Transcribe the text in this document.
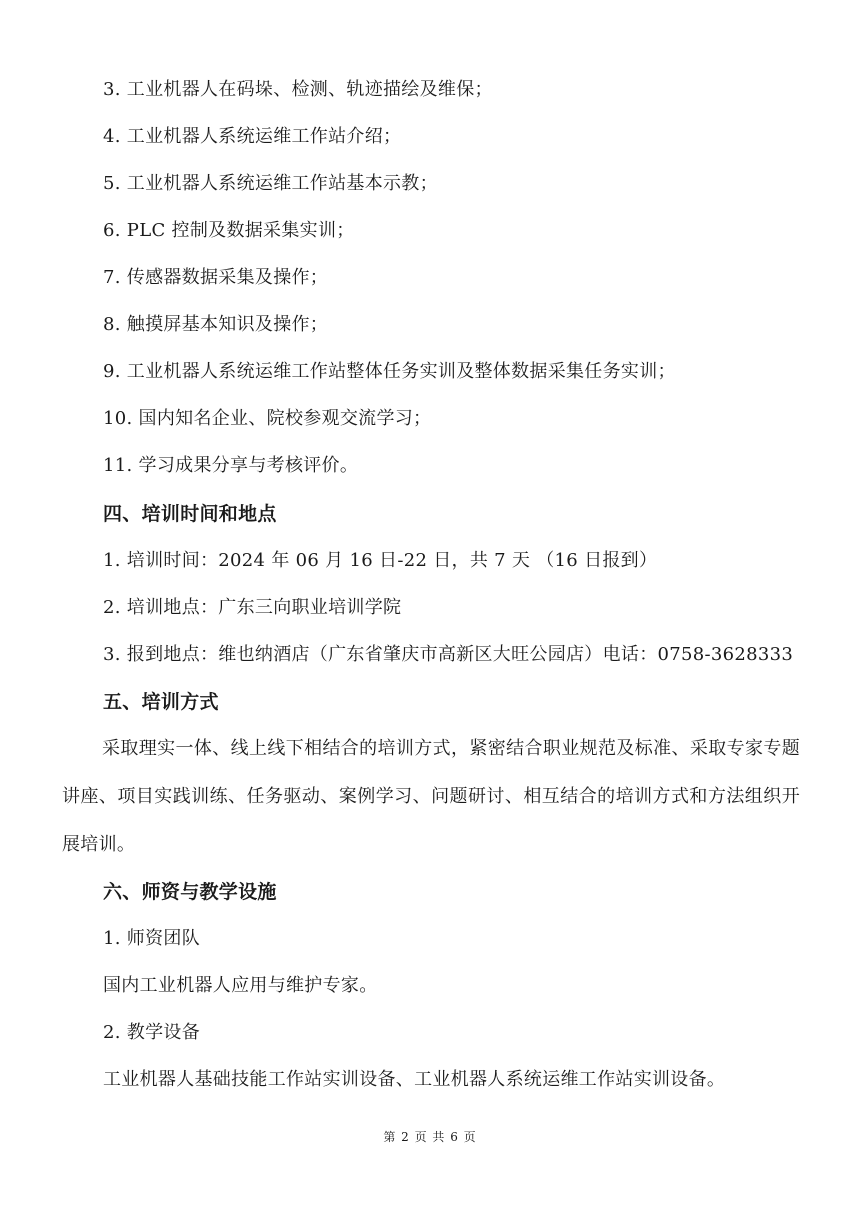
3. 工业机器人在码垛、检测、轨迹描绘及维保；
4. 工业机器人系统运维工作站介绍；
5. 工业机器人系统运维工作站基本示教；
6. PLC 控制及数据采集实训；
7. 传感器数据采集及操作；
8. 触摸屏基本知识及操作；
9. 工业机器人系统运维工作站整体任务实训及整体数据采集任务实训；
10. 国内知名企业、院校参观交流学习；
11. 学习成果分享与考核评价。
四、培训时间和地点
1. 培训时间：2024 年 06 月 16 日-22 日，共 7 天 （16 日报到）
2. 培训地点：广东三向职业培训学院
3. 报到地点：维也纳酒店（广东省肇庆市高新区大旺公园店）电话：0758-3628333
五、培训方式
采取理实一体、线上线下相结合的培训方式，紧密结合职业规范及标准、采取专家专题讲座、项目实践训练、任务驱动、案例学习、问题研讨、相互结合的培训方式和方法组织开展培训。
六、师资与教学设施
1. 师资团队
国内工业机器人应用与维护专家。
2. 教学设备
工业机器人基础技能工作站实训设备、工业机器人系统运维工作站实训设备。
第 2 页 共 6 页
